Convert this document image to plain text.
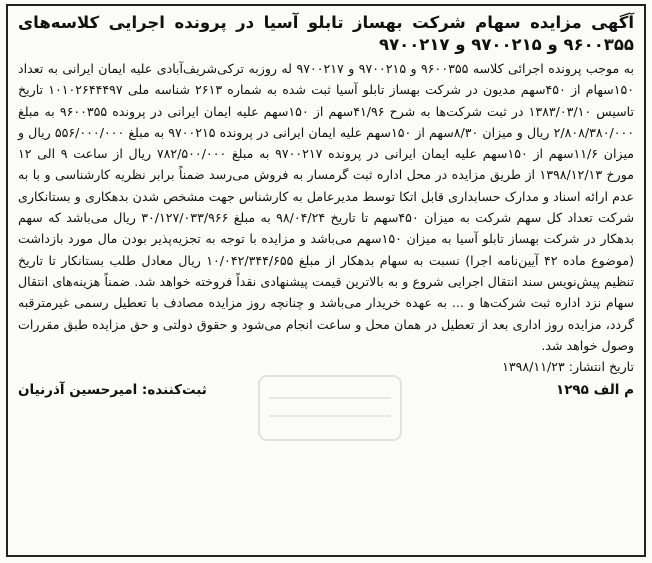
آگهی مزایده سهام شرکت بهساز تابلو آسیا در پرونده اجرایی کلاسه‌های ۹۶۰۰۳۵۵ و ۹۷۰۰۲۱۵ و ۹۷۰۰۲۱۷

به موجب پرونده اجرائی کلاسه ۹۶۰۰۳۵۵ و ۹۷۰۰۲۱۵ و ۹۷۰۰۲۱۷ له روزبه ترکی‌شریف‌آبادی علیه ایمان ایرانی به تعداد ۱۵۰سهام از ۴۵۰سهم مدیون در شرکت بهساز تابلو آسیا ثبت شده به شماره ۲۶۱۳ شناسه ملی ۱۰۱۰۲۶۴۴۴۹۷ تاریخ تاسیس ۱۳۸۳/۰۳/۱۰ در ثبت شرکت‌ها به شرح ۴۱/۹۶سهم از ۱۵۰سهم علیه ایمان ایرانی در پرونده ۹۶۰۰۳۵۵ به مبلغ ۲/۸۰۸/۳۸۰/۰۰۰ ریال و میزان ۸/۳۰سهم از ۱۵۰سهم علیه ایمان ایرانی در پرونده ۹۷۰۰۲۱۵ به مبلغ ۵۵۶/۰۰۰/۰۰۰ ریال و میزان ۱۱/۶سهم از ۱۵۰سهم علیه ایمان ایرانی در پرونده ۹۷۰۰۲۱۷ به مبلغ ۷۸۲/۵۰۰/۰۰۰ ریال از ساعت ۹ الی ۱۲ مورخ ۱۳۹۸/۱۲/۱۳ از طریق مزایده در محل اداره ثبت گرمسار به فروش می‌رسد ضمناً برابر نظریه کارشناسی و با به عدم ارائه اسناد و مدارک حسابداری قابل اتکا توسط مدیرعامل به کارشناس جهت مشخص شدن بدهکاری و بستانکاری شرکت تعداد کل سهم شرکت به میزان ۴۵۰سهم تا تاریخ ۹۸/۰۴/۲۴ به مبلغ ۳۰/۱۲۷/۰۳۳/۹۶۶ ریال می‌باشد که سهم بدهکار در شرکت بهساز تابلو آسیا به میزان ۱۵۰سهم می‌باشد و مزایده با توجه به تجزیه‌پذیر بودن مال مورد بازداشت (موضوع ماده ۴۲ آیین‌نامه اجرا) نسبت به سهام بدهکار از مبلغ ۱۰/۰۴۲/۳۴۴/۶۵۵ ریال معادل طلب بستانکار تا تاریخ تنظیم پیش‌نویس سند انتقال اجرایی شروع و به بالاترین قیمت پیشنهادی نقداً فروخته خواهد شد. ضمناً هزینه‌های انتقال سهام نزد اداره ثبت شرکت‌ها و ... به عهده خریدار می‌باشد و چنانچه روز مزایده مصادف با تعطیل رسمی غیرمترقبه گردد، مزایده روز اداری بعد از تعطیل در همان محل و ساعت انجام می‌شود و حقوق دولتی و حق مزایده طبق مقررات وصول خواهد شد.

تاریخ انتشار: ۱۳۹۸/۱۱/۲۳

م الف ۱۲۹۵
ثبت‌کننده: امیرحسین آذرنیان
